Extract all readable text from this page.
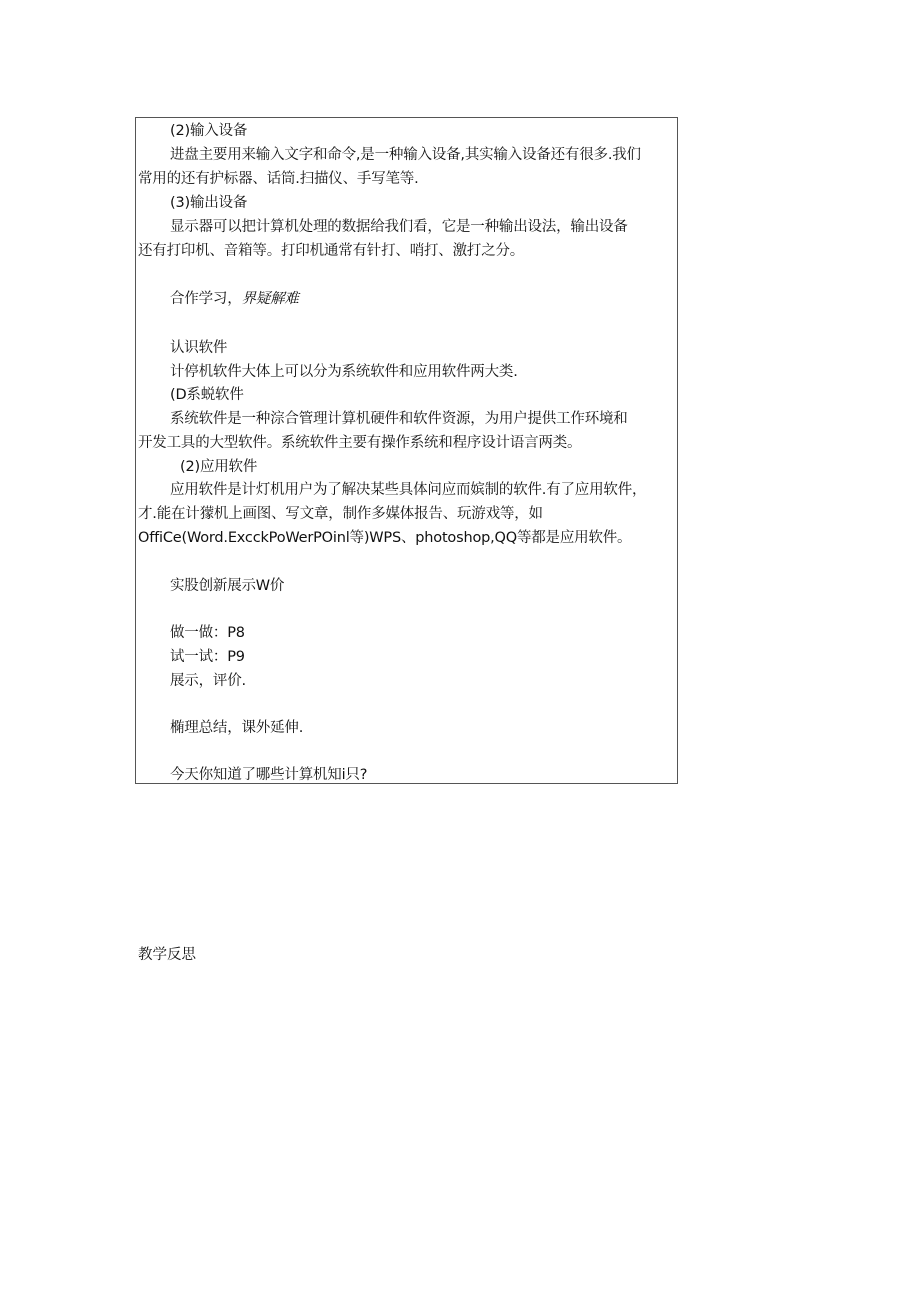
(2)输入设备
进盘主要用来输入文字和命令,是一种输入设备,其实输入设备还有很多.我们
常用的还有护标器、话筒.扫描仪、手写笔等.
(3)输出设备
显示器可以把计算机处理的数据给我们看，它是一种输出设法，输出设备
还有打印机、音箱等。打印机通常有针打、哨打、激打之分。
合作学习，界疑解难
认识软件
计停机软件大体上可以分为系统软件和应用软件两大类.
(D系蜕软件
系统软件是一种淙合管理计算机硬件和软件资源，为用户提供工作环境和
开发工具的大型软件。系统软件主要有操作系统和程序设计语言两类。
(2)应用软件
应用软件是计灯机用户为了解决某些具体问应而嫔制的软件.有了应用软件，
才.能在计獴机上画图、写文章，制作多媒体报告、玩游戏等，如
OffiCe(Word.ExcckPoWerPOinl等)WPS、photoshop,QQ等都是应用软件。
实股创新展示W价
做一做：P8
试一试：P9
展示，评价.
椭理总结，课外延伸.
今天你知道了哪些计算机知i只?
教学反思
